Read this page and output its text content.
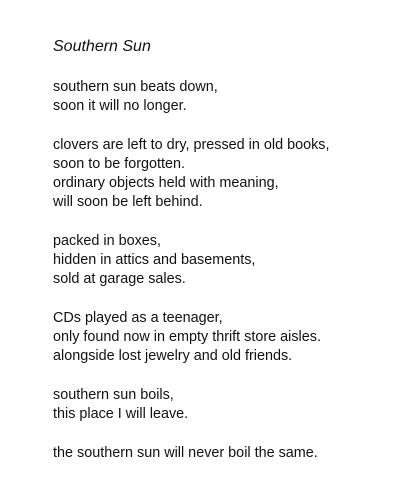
Southern Sun
southern sun beats down,
soon it will no longer.
clovers are left to dry, pressed in old books,
soon to be forgotten.
ordinary objects held with meaning,
will soon be left behind.
packed in boxes,
hidden in attics and basements,
sold at garage sales.
CDs played as a teenager,
only found now in empty thrift store aisles.
alongside lost jewelry and old friends.
southern sun boils,
this place I will leave.
the southern sun will never boil the same.
